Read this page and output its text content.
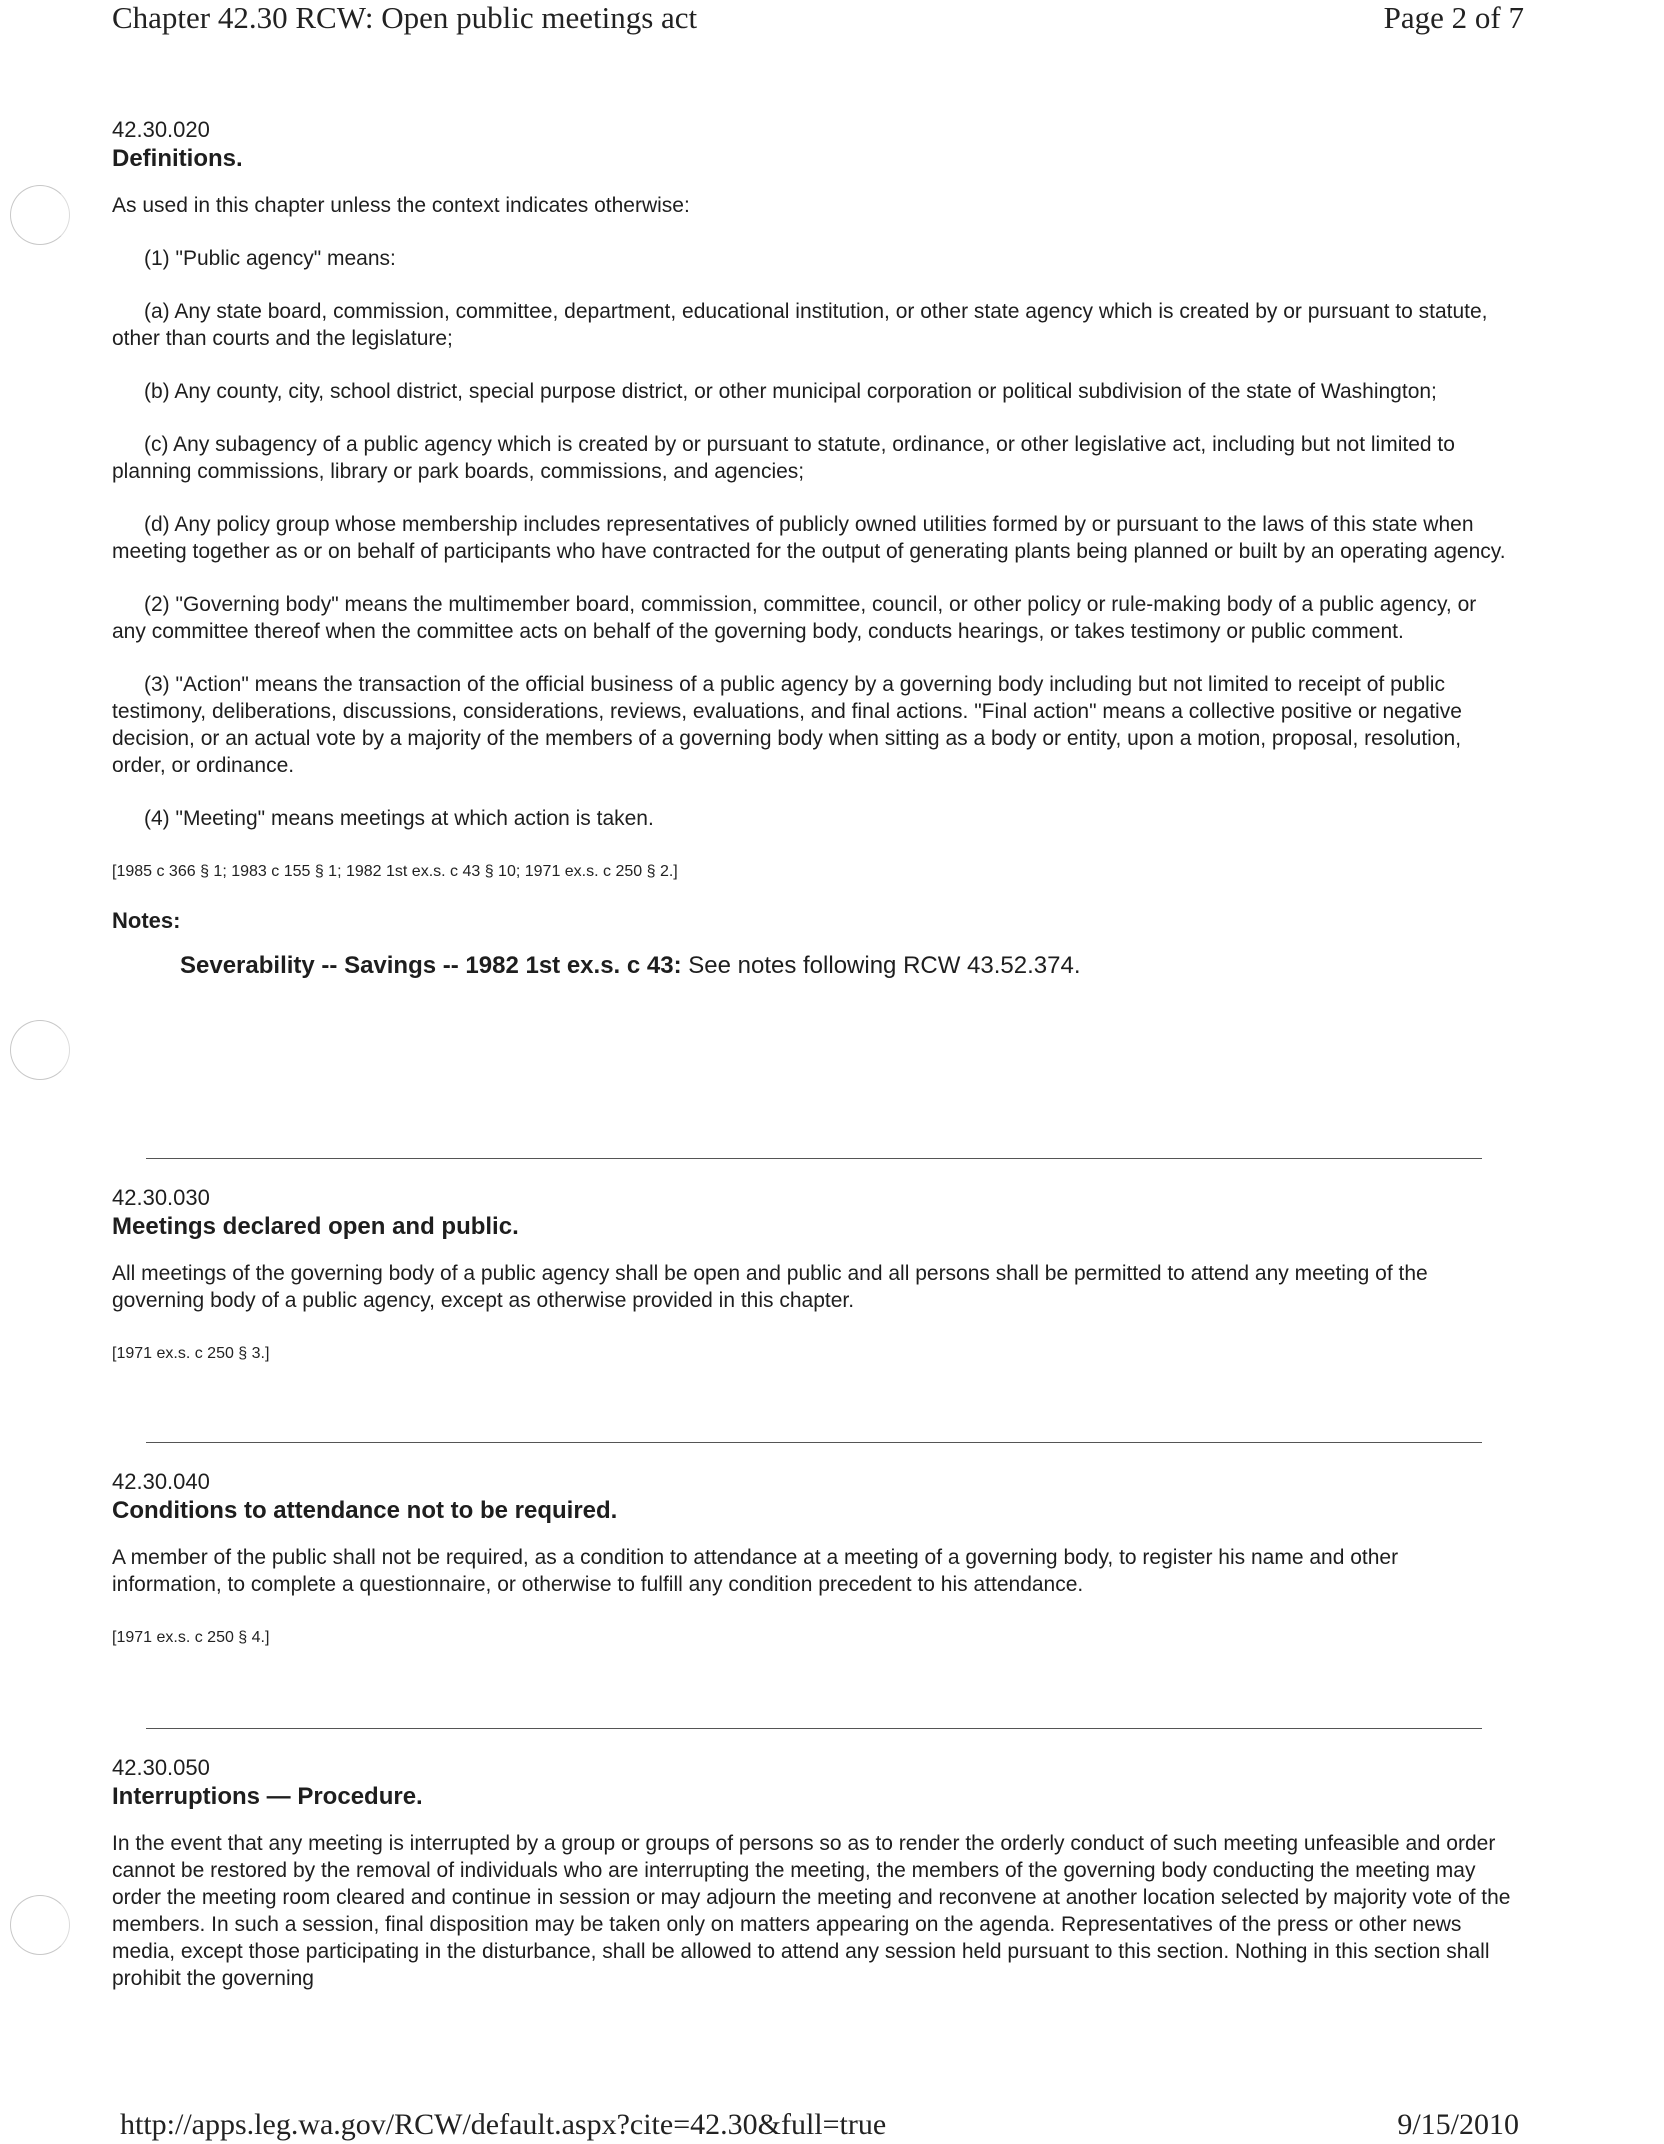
Chapter 42.30 RCW: Open public meetings act	Page 2 of 7

42.30.020

Definitions.

As used in this chapter unless the context indicates otherwise:

(1) "Public agency" means:

(a) Any state board, commission, committee, department, educational institution, or other state agency which is created by or pursuant to statute, other than courts and the legislature;

(b) Any county, city, school district, special purpose district, or other municipal corporation or political subdivision of the state of Washington;

(c) Any subagency of a public agency which is created by or pursuant to statute, ordinance, or other legislative act, including but not limited to planning commissions, library or park boards, commissions, and agencies;

(d) Any policy group whose membership includes representatives of publicly owned utilities formed by or pursuant to the laws of this state when meeting together as or on behalf of participants who have contracted for the output of generating plants being planned or built by an operating agency.

(2) "Governing body" means the multimember board, commission, committee, council, or other policy or rule-making body of a public agency, or any committee thereof when the committee acts on behalf of the governing body, conducts hearings, or takes testimony or public comment.

(3) "Action" means the transaction of the official business of a public agency by a governing body including but not limited to receipt of public testimony, deliberations, discussions, considerations, reviews, evaluations, and final actions. "Final action" means a collective positive or negative decision, or an actual vote by a majority of the members of a governing body when sitting as a body or entity, upon a motion, proposal, resolution, order, or ordinance.

(4) "Meeting" means meetings at which action is taken.

[1985 c 366 § 1; 1983 c 155 § 1; 1982 1st ex.s. c 43 § 10; 1971 ex.s. c 250 § 2.]

Notes:

Severability -- Savings -- 1982 1st ex.s. c 43: See notes following RCW 43.52.374.

42.30.030

Meetings declared open and public.

All meetings of the governing body of a public agency shall be open and public and all persons shall be permitted to attend any meeting of the governing body of a public agency, except as otherwise provided in this chapter.

[1971 ex.s. c 250 § 3.]

42.30.040

Conditions to attendance not to be required.

A member of the public shall not be required, as a condition to attendance at a meeting of a governing body, to register his name and other information, to complete a questionnaire, or otherwise to fulfill any condition precedent to his attendance.

[1971 ex.s. c 250 § 4.]

42.30.050

Interruptions — Procedure.

In the event that any meeting is interrupted by a group or groups of persons so as to render the orderly conduct of such meeting unfeasible and order cannot be restored by the removal of individuals who are interrupting the meeting, the members of the governing body conducting the meeting may order the meeting room cleared and continue in session or may adjourn the meeting and reconvene at another location selected by majority vote of the members. In such a session, final disposition may be taken only on matters appearing on the agenda. Representatives of the press or other news media, except those participating in the disturbance, shall be allowed to attend any session held pursuant to this section. Nothing in this section shall prohibit the governing

http://apps.leg.wa.gov/RCW/default.aspx?cite=42.30&full=true	9/15/2010
